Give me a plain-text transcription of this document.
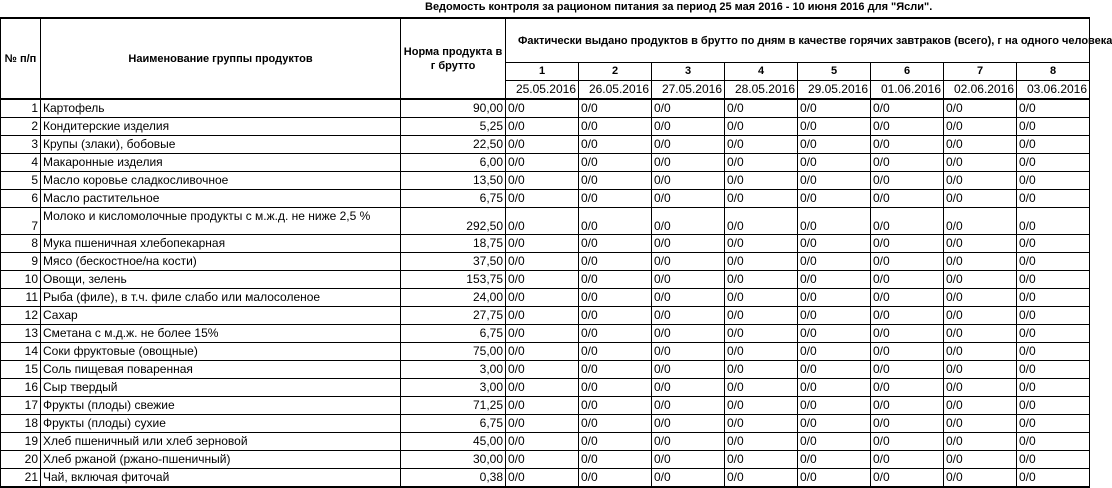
Ведомость контроля за рационом питания за период 25 мая 2016 - 10 июня 2016 для "Ясли".
№ п/п	Наименование группы продуктов	Норма продукта в г брутто	Фактически выдано продуктов в брутто по дням в качестве горячих завтраков (всего), г на одного человека							
			1	2	3	4	5	6	7	8
			25.05.2016	26.05.2016	27.05.2016	28.05.2016	29.05.2016	01.06.2016	02.06.2016	03.06.2016
1	Картофель	90,00	0/0	0/0	0/0	0/0	0/0	0/0	0/0	0/0
2	Кондитерские изделия	5,25	0/0	0/0	0/0	0/0	0/0	0/0	0/0	0/0
3	Крупы (злаки), бобовые	22,50	0/0	0/0	0/0	0/0	0/0	0/0	0/0	0/0
4	Макаронные изделия	6,00	0/0	0/0	0/0	0/0	0/0	0/0	0/0	0/0
5	Масло коровье сладкосливочное	13,50	0/0	0/0	0/0	0/0	0/0	0/0	0/0	0/0
6	Масло растительное	6,75	0/0	0/0	0/0	0/0	0/0	0/0	0/0	0/0
7	Молоко и кисломолочные продукты с м.ж.д. не ниже 2,5 %	292,50	0/0	0/0	0/0	0/0	0/0	0/0	0/0	0/0
8	Мука пшеничная хлебопекарная	18,75	0/0	0/0	0/0	0/0	0/0	0/0	0/0	0/0
9	Мясо (бескостное/на кости)	37,50	0/0	0/0	0/0	0/0	0/0	0/0	0/0	0/0
10	Овощи, зелень	153,75	0/0	0/0	0/0	0/0	0/0	0/0	0/0	0/0
11	Рыба (филе), в т.ч. филе слабо или малосоленое	24,00	0/0	0/0	0/0	0/0	0/0	0/0	0/0	0/0
12	Сахар	27,75	0/0	0/0	0/0	0/0	0/0	0/0	0/0	0/0
13	Сметана с м.д.ж. не более 15%	6,75	0/0	0/0	0/0	0/0	0/0	0/0	0/0	0/0
14	Соки фруктовые (овощные)	75,00	0/0	0/0	0/0	0/0	0/0	0/0	0/0	0/0
15	Соль пищевая поваренная	3,00	0/0	0/0	0/0	0/0	0/0	0/0	0/0	0/0
16	Сыр твердый	3,00	0/0	0/0	0/0	0/0	0/0	0/0	0/0	0/0
17	Фрукты (плоды) свежие	71,25	0/0	0/0	0/0	0/0	0/0	0/0	0/0	0/0
18	Фрукты (плоды) сухие	6,75	0/0	0/0	0/0	0/0	0/0	0/0	0/0	0/0
19	Хлеб пшеничный или хлеб зерновой	45,00	0/0	0/0	0/0	0/0	0/0	0/0	0/0	0/0
20	Хлеб ржаной (ржано-пшеничный)	30,00	0/0	0/0	0/0	0/0	0/0	0/0	0/0	0/0
21	Чай, включая фиточай	0,38	0/0	0/0	0/0	0/0	0/0	0/0	0/0	0/0
